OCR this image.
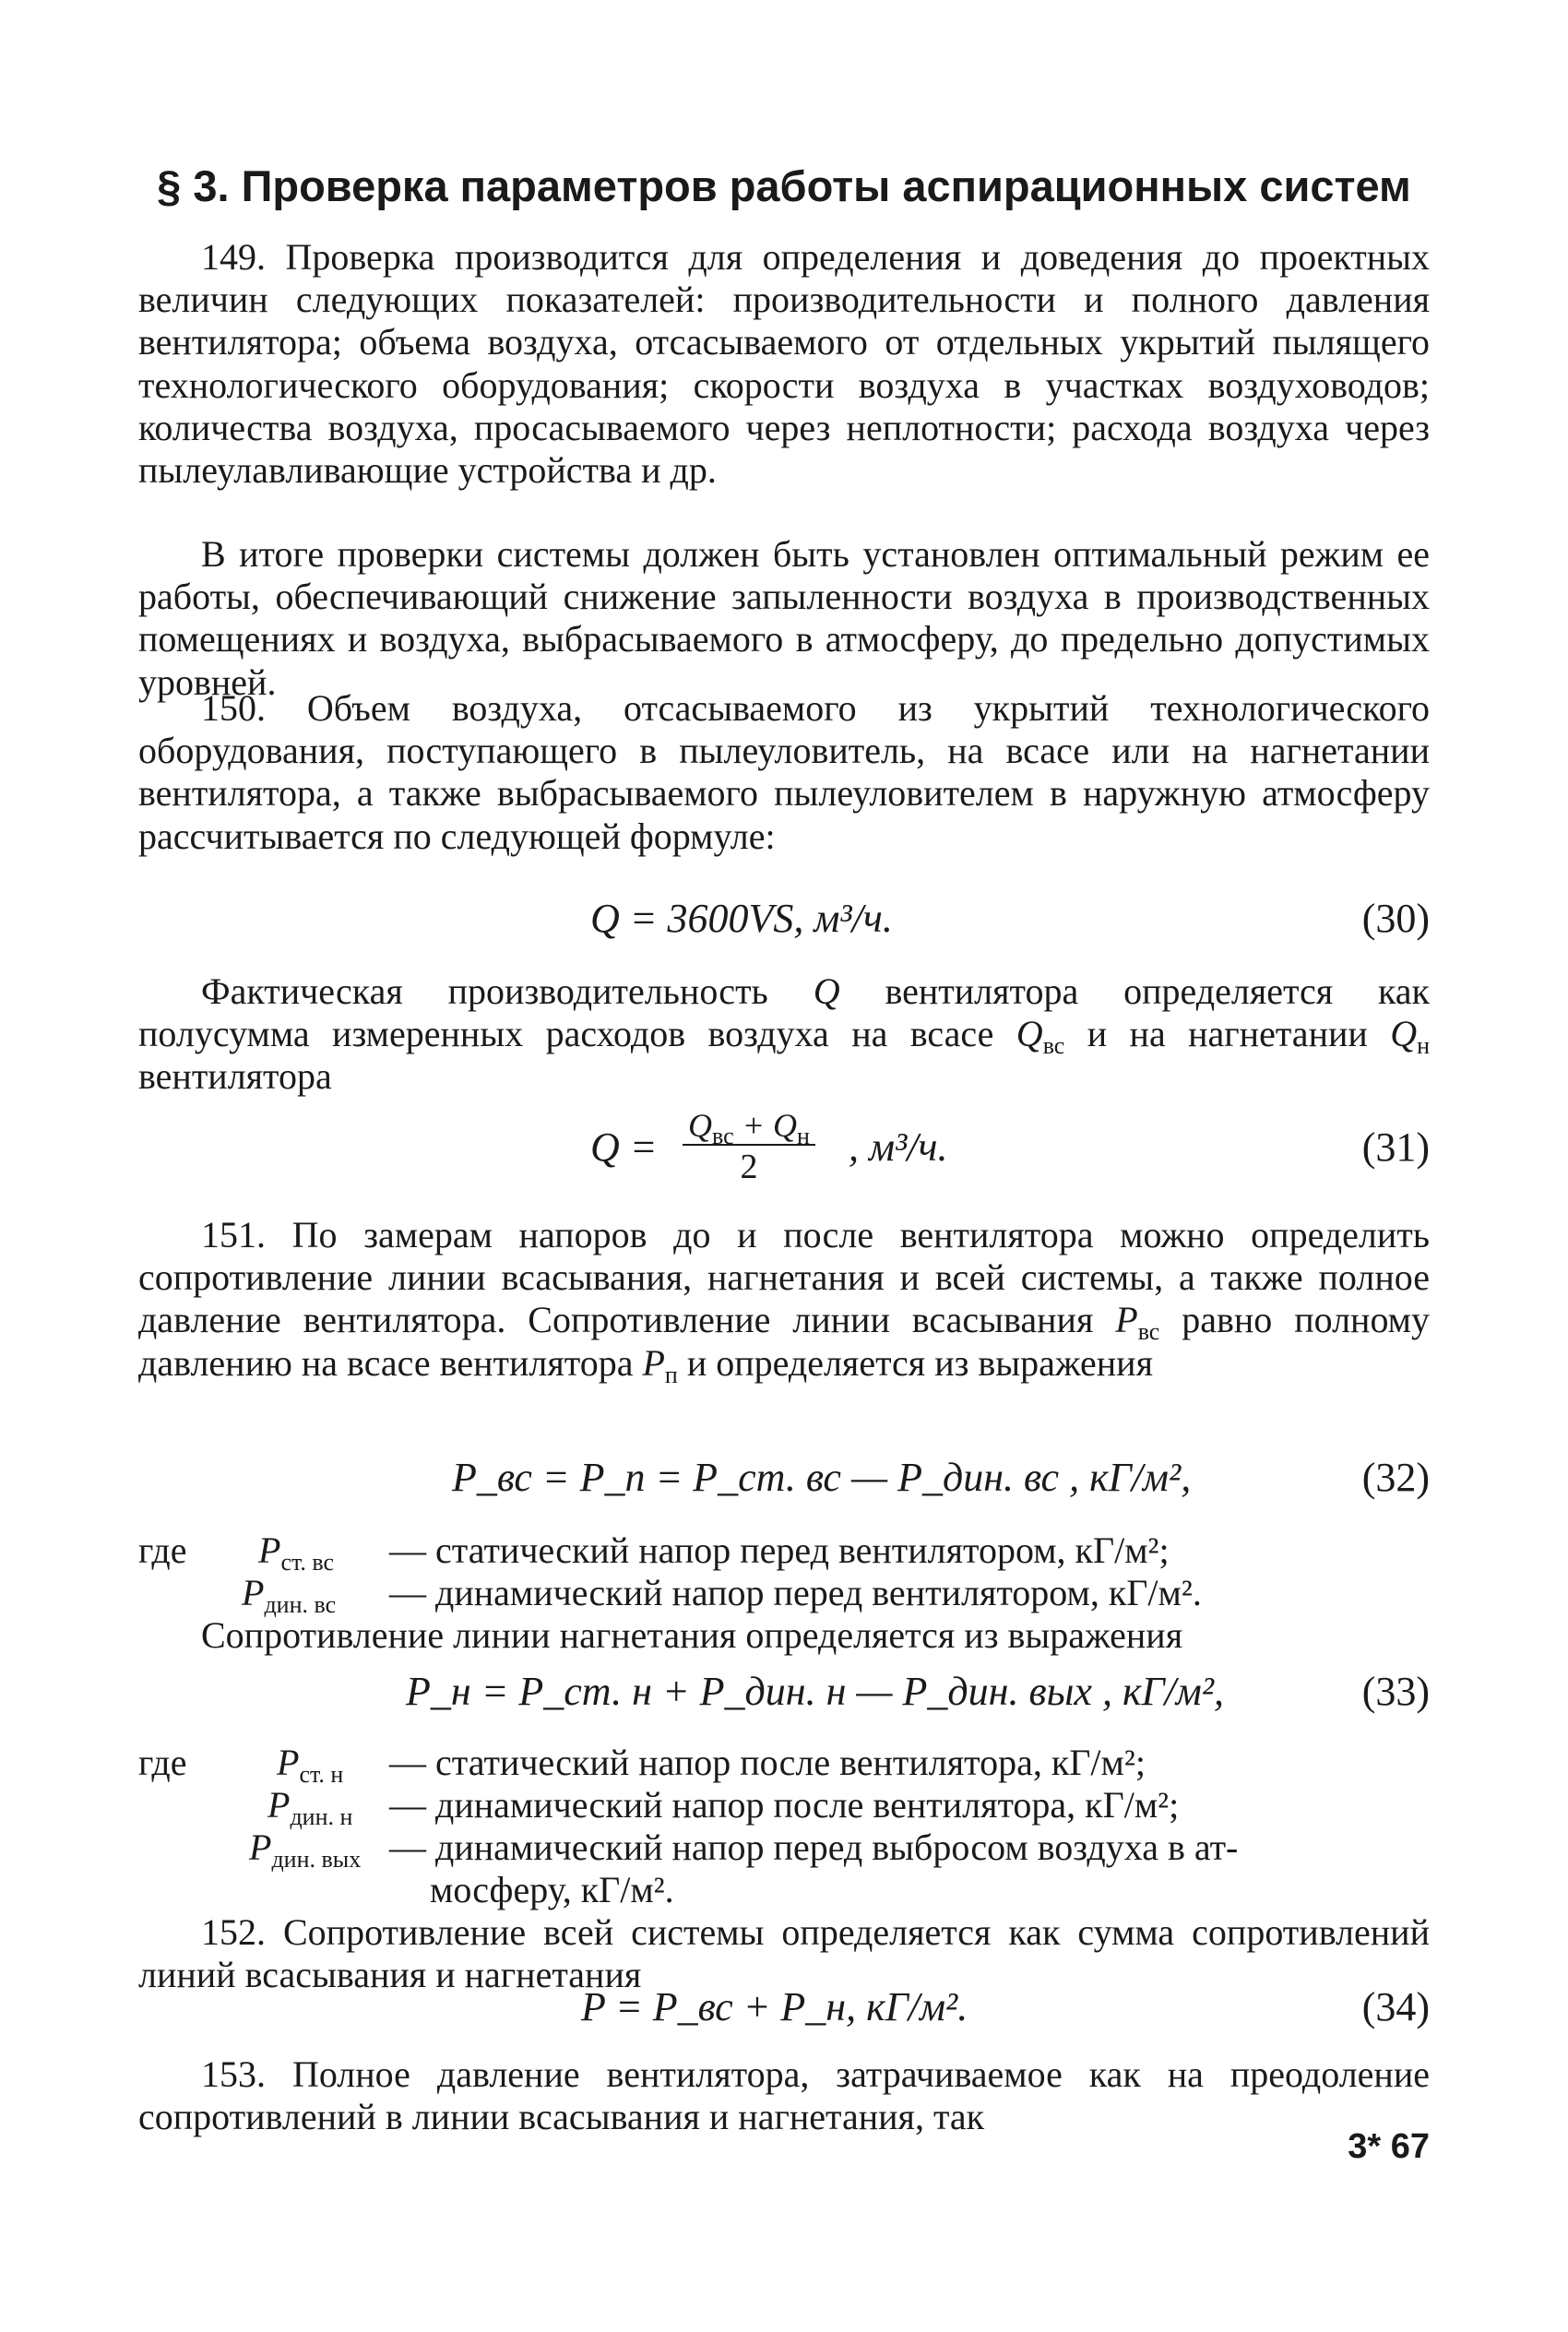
§ 3. Проверка параметров работы аспирационных систем
149. Проверка производится для определения и доведения до проектных величин следующих показателей: производительности и полного давления вентилятора; объема воздуха, отсасываемого от отдельных укрытий пылящего технологического оборудования; скорости воздуха в участках воздуховодов; количества воздуха, просасываемого через неплотности; расхода воздуха через пылеулавливающие устройства и др.
В итоге проверки системы должен быть установлен оптимальный режим ее работы, обеспечивающий снижение запыленности воздуха в производственных помещениях и воздуха, выбрасываемого в атмосферу, до предельно допустимых уровней.
150. Объем воздуха, отсасываемого из укрытий технологического оборудования, поступающего в пылеуловитель, на всасе или на нагнетании вентилятора, а также выбрасываемого пылеуловителем в наружную атмосферу рассчитывается по следующей формуле:
Q = 3600VS, м³/ч.	(30)
Фактическая производительность Q вентилятора определяется как полусумма измеренных расходов воздуха на всасе $Q_{вс}$ и на нагнетании $Q_н$ вентилятора
$Q = Q_{вс} + Q_н$
2	, м³/ч.	(31)
151. По замерам напоров до и после вентилятора можно определить сопротивление линии всасывания, нагнетания и всей системы, а также полное давление вентилятора. Сопротивление линии всасывания $P_{вс}$ равно полному давлению на всасе вентилятора $P_п$ и определяется из выражения
P_вс = P_п = P_ст. вс — P_дин. вс , кГ/м²,	(32)
где $P_{ст. вс}$ — статический напор перед вентилятором, кГ/м²;
$P_{дин. вс}$ — динамический напор перед вентилятором, кГ/м².
Сопротивление линии нагнетания определяется из выражения
P_н = P_ст. н + P_дин. н — P_дин. вых , кГ/м²,	(33)
где $P_{ст. н}$ — статический напор после вентилятора, кГ/м²;
$P_{дин. н}$ — динамический напор после вентилятора, кГ/м²;
$P_{дин. вых}$ — динамический напор перед выбросом воздуха в ат-
мосферу, кГ/м².
152. Сопротивление всей системы определяется как сумма сопротивлений линий всасывания и нагнетания
P = P_вс + P_н, кГ/м².	(34)
153. Полное давление вентилятора, затрачиваемое как на преодоление сопротивлений в линии всасывания и нагнетания, так
3* 67
